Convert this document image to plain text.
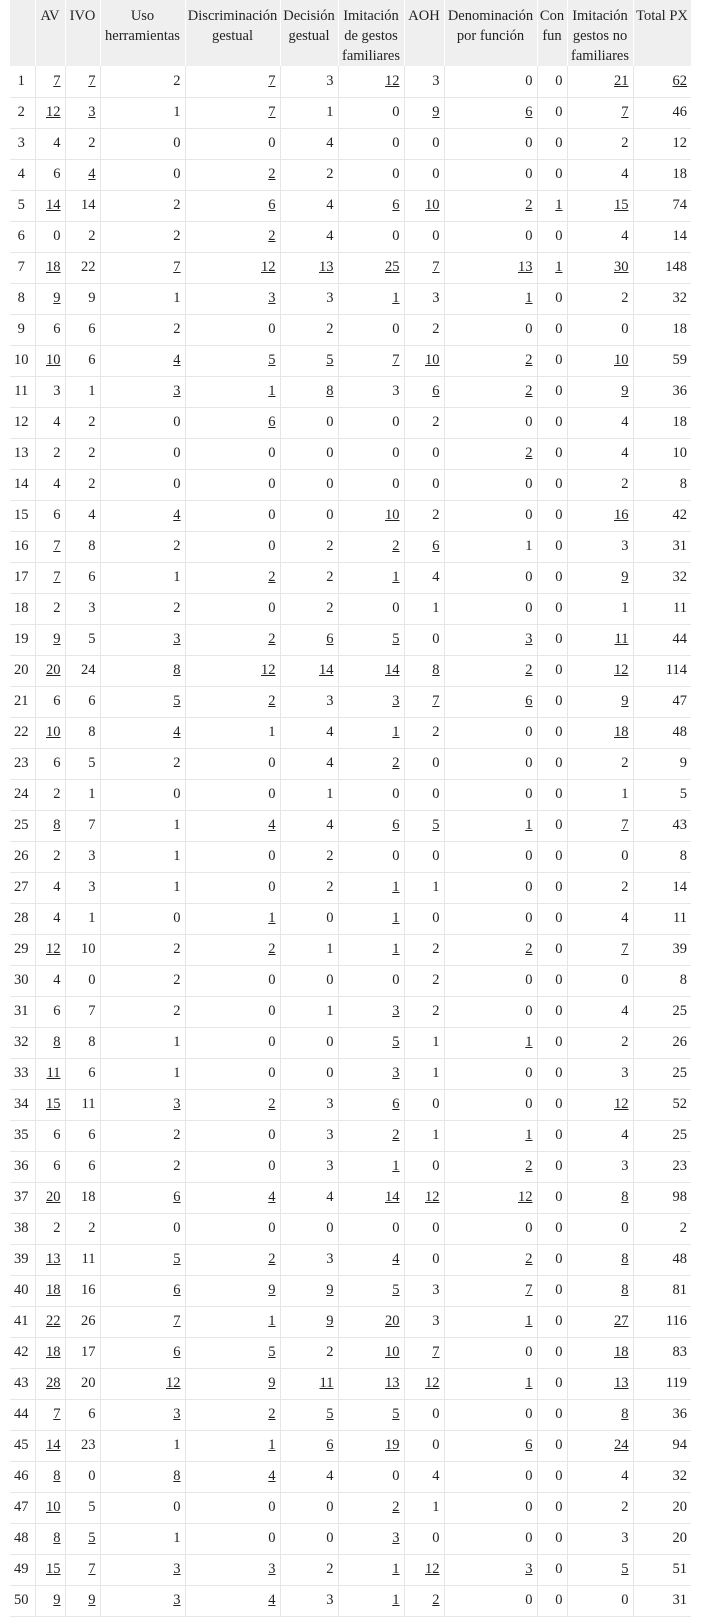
	AV	IVO	Uso herramientas	Discriminación gestual	Decisión gestual	Imitación de gestos familiares	AOH	Denominación por función	Con fun	Imitación gestos no familiares	Total PX
1	7	7	2	7	3	12	3	0	0	21	62
2	12	3	1	7	1	0	9	6	0	7	46
3	4	2	0	0	4	0	0	0	0	2	12
4	6	4	0	2	2	0	0	0	0	4	18
5	14	14	2	6	4	6	10	2	1	15	74
6	0	2	2	2	4	0	0	0	0	4	14
7	18	22	7	12	13	25	7	13	1	30	148
8	9	9	1	3	3	1	3	1	0	2	32
9	6	6	2	0	2	0	2	0	0	0	18
10	10	6	4	5	5	7	10	2	0	10	59
11	3	1	3	1	8	3	6	2	0	9	36
12	4	2	0	6	0	0	2	0	0	4	18
13	2	2	0	0	0	0	0	2	0	4	10
14	4	2	0	0	0	0	0	0	0	2	8
15	6	4	4	0	0	10	2	0	0	16	42
16	7	8	2	0	2	2	6	1	0	3	31
17	7	6	1	2	2	1	4	0	0	9	32
18	2	3	2	0	2	0	1	0	0	1	11
19	9	5	3	2	6	5	0	3	0	11	44
20	20	24	8	12	14	14	8	2	0	12	114
21	6	6	5	2	3	3	7	6	0	9	47
22	10	8	4	1	4	1	2	0	0	18	48
23	6	5	2	0	4	2	0	0	0	2	9
24	2	1	0	0	1	0	0	0	0	1	5
25	8	7	1	4	4	6	5	1	0	7	43
26	2	3	1	0	2	0	0	0	0	0	8
27	4	3	1	0	2	1	1	0	0	2	14
28	4	1	0	1	0	1	0	0	0	4	11
29	12	10	2	2	1	1	2	2	0	7	39
30	4	0	2	0	0	0	2	0	0	0	8
31	6	7	2	0	1	3	2	0	0	4	25
32	8	8	1	0	0	5	1	1	0	2	26
33	11	6	1	0	0	3	1	0	0	3	25
34	15	11	3	2	3	6	0	0	0	12	52
35	6	6	2	0	3	2	1	1	0	4	25
36	6	6	2	0	3	1	0	2	0	3	23
37	20	18	6	4	4	14	12	12	0	8	98
38	2	2	0	0	0	0	0	0	0	0	2
39	13	11	5	2	3	4	0	2	0	8	48
40	18	16	6	9	9	5	3	7	0	8	81
41	22	26	7	1	9	20	3	1	0	27	116
42	18	17	6	5	2	10	7	0	0	18	83
43	28	20	12	9	11	13	12	1	0	13	119
44	7	6	3	2	5	5	0	0	0	8	36
45	14	23	1	1	6	19	0	6	0	24	94
46	8	0	8	4	4	0	4	0	0	4	32
47	10	5	0	0	0	2	1	0	0	2	20
48	8	5	1	0	0	3	0	0	0	3	20
49	15	7	3	3	2	1	12	3	0	5	51
50	9	9	3	4	3	1	2	0	0	0	31
